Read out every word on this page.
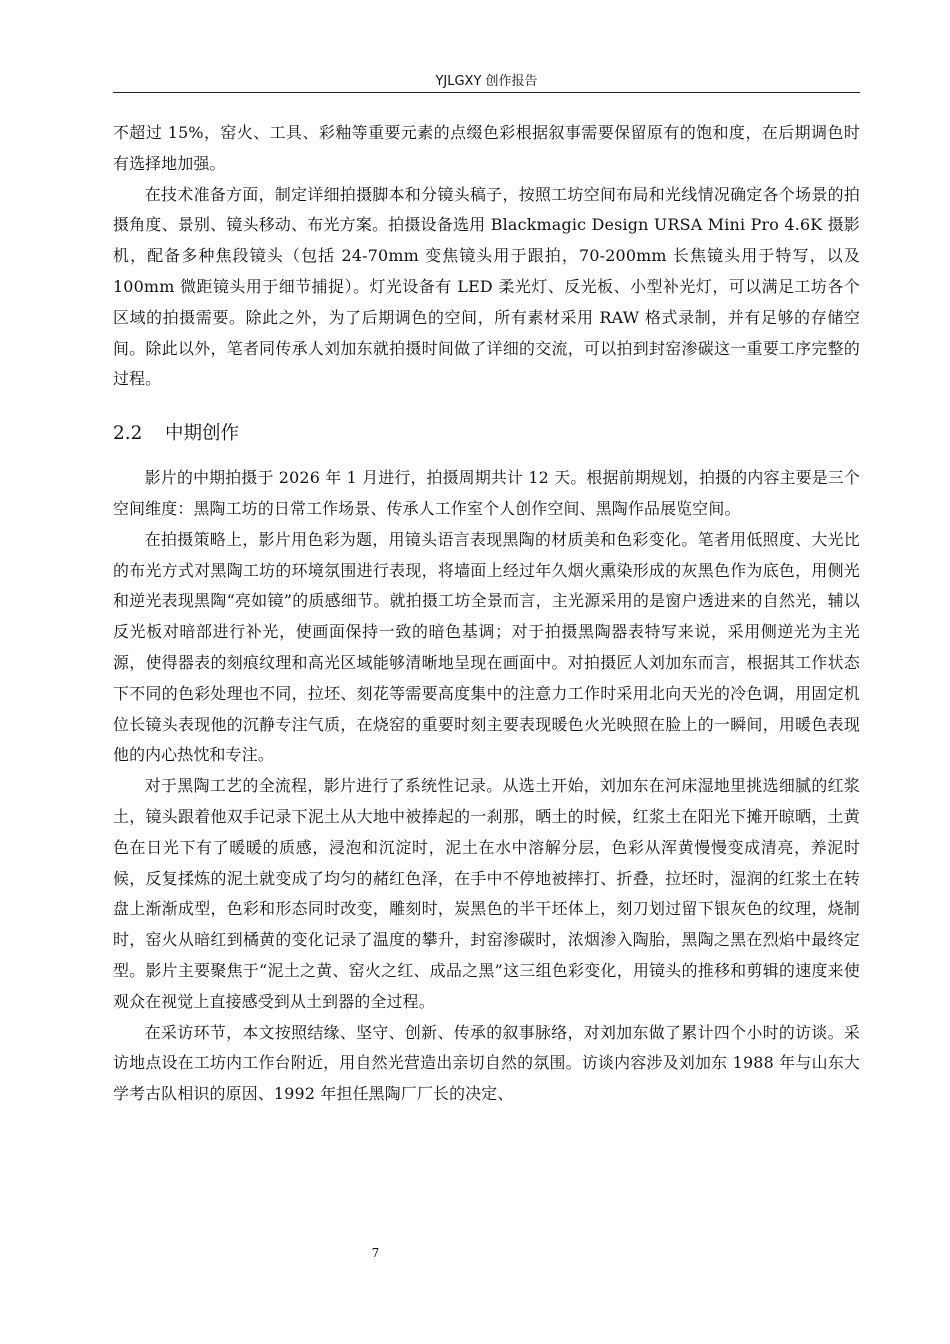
YJLGXY 创作报告

不超过 15%，窑火、工具、彩釉等重要元素的点缀色彩根据叙事需要保留原有的饱和度，在后期调色时有选择地加强。

在技术准备方面，制定详细拍摄脚本和分镜头稿子，按照工坊空间布局和光线情况确定各个场景的拍摄角度、景别、镜头移动、布光方案。拍摄设备选用 Blackmagic Design URSA Mini Pro 4.6K 摄影机，配备多种焦段镜头（包括 24-70mm 变焦镜头用于跟拍，70-200mm 长焦镜头用于特写，以及 100mm 微距镜头用于细节捕捉）。灯光设备有 LED 柔光灯、反光板、小型补光灯，可以满足工坊各个区域的拍摄需要。除此之外，为了后期调色的空间，所有素材采用 RAW 格式录制，并有足够的存储空间。除此以外，笔者同传承人刘加东就拍摄时间做了详细的交流，可以拍到封窑渗碳这一重要工序完整的过程。

2.2 中期创作

影片的中期拍摄于 2026 年 1 月进行，拍摄周期共计 12 天。根据前期规划，拍摄的内容主要是三个空间维度：黑陶工坊的日常工作场景、传承人工作室个人创作空间、黑陶作品展览空间。

在拍摄策略上，影片用色彩为题，用镜头语言表现黑陶的材质美和色彩变化。笔者用低照度、大光比的布光方式对黑陶工坊的环境氛围进行表现，将墙面上经过年久烟火熏染形成的灰黑色作为底色，用侧光和逆光表现黑陶“亮如镜”的质感细节。就拍摄工坊全景而言，主光源采用的是窗户透进来的自然光，辅以反光板对暗部进行补光，使画面保持一致的暗色基调；对于拍摄黑陶器表特写来说，采用侧逆光为主光源，使得器表的刻痕纹理和高光区域能够清晰地呈现在画面中。对拍摄匠人刘加东而言，根据其工作状态下不同的色彩处理也不同，拉坯、刻花等需要高度集中的注意力工作时采用北向天光的冷色调，用固定机位长镜头表现他的沉静专注气质，在烧窑的重要时刻主要表现暖色火光映照在脸上的一瞬间，用暖色表现他的内心热忱和专注。

对于黑陶工艺的全流程，影片进行了系统性记录。从选土开始，刘加东在河床湿地里挑选细腻的红浆土，镜头跟着他双手记录下泥土从大地中被捧起的一刹那，晒土的时候，红浆土在阳光下摊开晾晒，土黄色在日光下有了暖暖的质感，浸泡和沉淀时，泥土在水中溶解分层，色彩从浑黄慢慢变成清亮，养泥时候，反复揉炼的泥土就变成了均匀的赭红色泽，在手中不停地被摔打、折叠，拉坯时，湿润的红浆土在转盘上渐渐成型，色彩和形态同时改变，雕刻时，炭黑色的半干坯体上，刻刀划过留下银灰色的纹理，烧制时，窑火从暗红到橘黄的变化记录了温度的攀升，封窑渗碳时，浓烟渗入陶胎，黑陶之黑在烈焰中最终定型。影片主要聚焦于“泥土之黄、窑火之红、成品之黑”这三组色彩变化，用镜头的推移和剪辑的速度来使观众在视觉上直接感受到从土到器的全过程。

在采访环节，本文按照结缘、坚守、创新、传承的叙事脉络，对刘加东做了累计四个小时的访谈。采访地点设在工坊内工作台附近，用自然光营造出亲切自然的氛围。访谈内容涉及刘加东 1988 年与山东大学考古队相识的原因、1992 年担任黑陶厂厂长的决定、

7
